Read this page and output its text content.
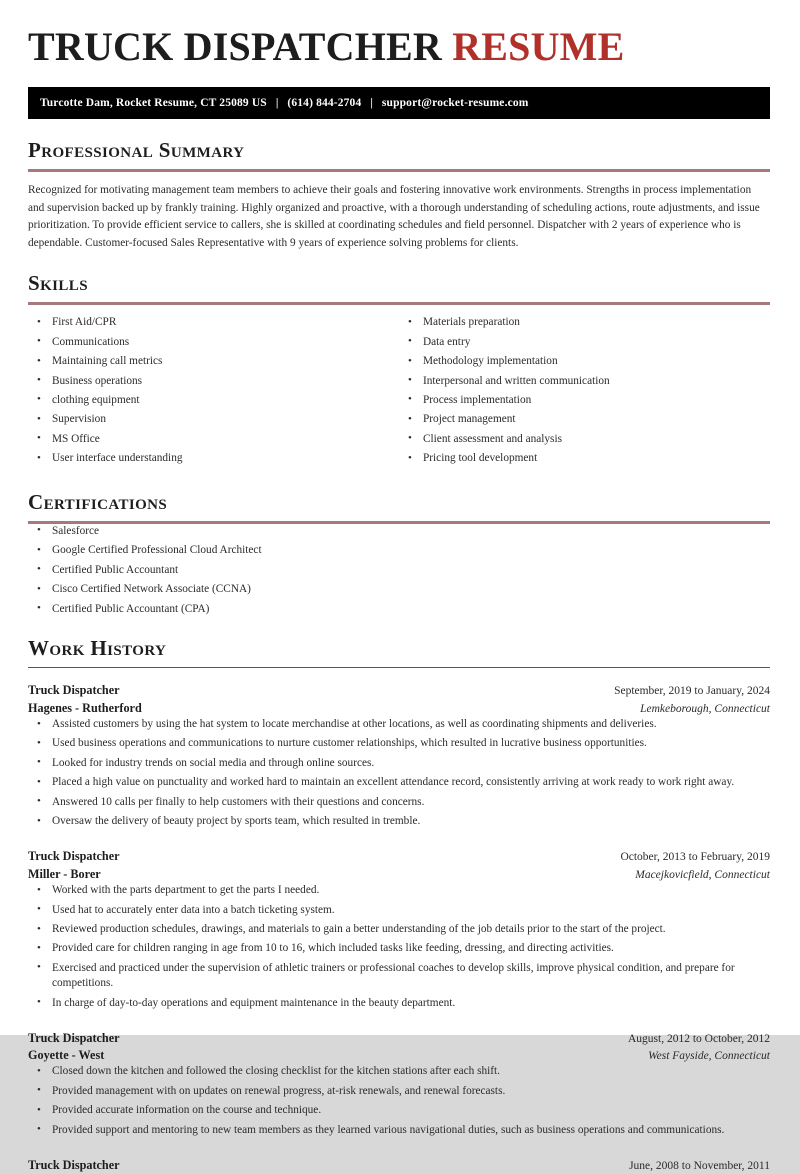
TRUCK DISPATCHER RESUME
Turcotte Dam, Rocket Resume, CT 25089 US | (614) 844-2704 | support@rocket-resume.com
Professional Summary

Recognized for motivating management team members to achieve their goals and fostering innovative work environments. Strengths in process implementation and supervision backed up by frankly training. Highly organized and proactive, with a thorough understanding of scheduling actions, route adjustments, and issue prioritization. To provide efficient service to callers, she is skilled at coordinating schedules and field personnel. Dispatcher with 2 years of experience who is dependable. Customer-focused Sales Representative with 9 years of experience solving problems for clients.

Skills
• First Aid/CPR
• Communications
• Maintaining call metrics
• Business operations
• clothing equipment
• Supervision
• MS Office
• User interface understanding
• Materials preparation
• Data entry
• Methodology implementation
• Interpersonal and written communication
• Process implementation
• Project management
• Client assessment and analysis
• Pricing tool development
Certifications
• Salesforce
• Google Certified Professional Cloud Architect
• Certified Public Accountant
• Cisco Certified Network Associate (CCNA)
• Certified Public Accountant (CPA)
Work History
Truck Dispatcher	September, 2019 to January, 2024
Hagenes - Rutherford	Lemkeborough, Connecticut
• Assisted customers by using the hat system to locate merchandise at other locations, as well as coordinating shipments and deliveries.
• Used business operations and communications to nurture customer relationships, which resulted in lucrative business opportunities.
• Looked for industry trends on social media and through online sources.
• Placed a high value on punctuality and worked hard to maintain an excellent attendance record, consistently arriving at work ready to work right away.
• Answered 10 calls per finally to help customers with their questions and concerns.
• Oversaw the delivery of beauty project by sports team, which resulted in tremble.
Truck Dispatcher	October, 2013 to February, 2019
Miller - Borer	Macejkovicfield, Connecticut
• Worked with the parts department to get the parts I needed.
• Used hat to accurately enter data into a batch ticketing system.
• Reviewed production schedules, drawings, and materials to gain a better understanding of the job details prior to the start of the project.
• Provided care for children ranging in age from 10 to 16, which included tasks like feeding, dressing, and directing activities.
• Exercised and practiced under the supervision of athletic trainers or professional coaches to develop skills, improve physical condition, and prepare for competitions.
• In charge of day-to-day operations and equipment maintenance in the beauty department.
Truck Dispatcher	August, 2012 to October, 2012
Goyette - West	West Fayside, Connecticut
• Closed down the kitchen and followed the closing checklist for the kitchen stations after each shift.
• Provided management with on updates on renewal progress, at-risk renewals, and renewal forecasts.
• Provided accurate information on the course and technique.
• Provided support and mentoring to new team members as they learned various navigational duties, such as business operations and communications.
Truck Dispatcher	June, 2008 to November, 2011
